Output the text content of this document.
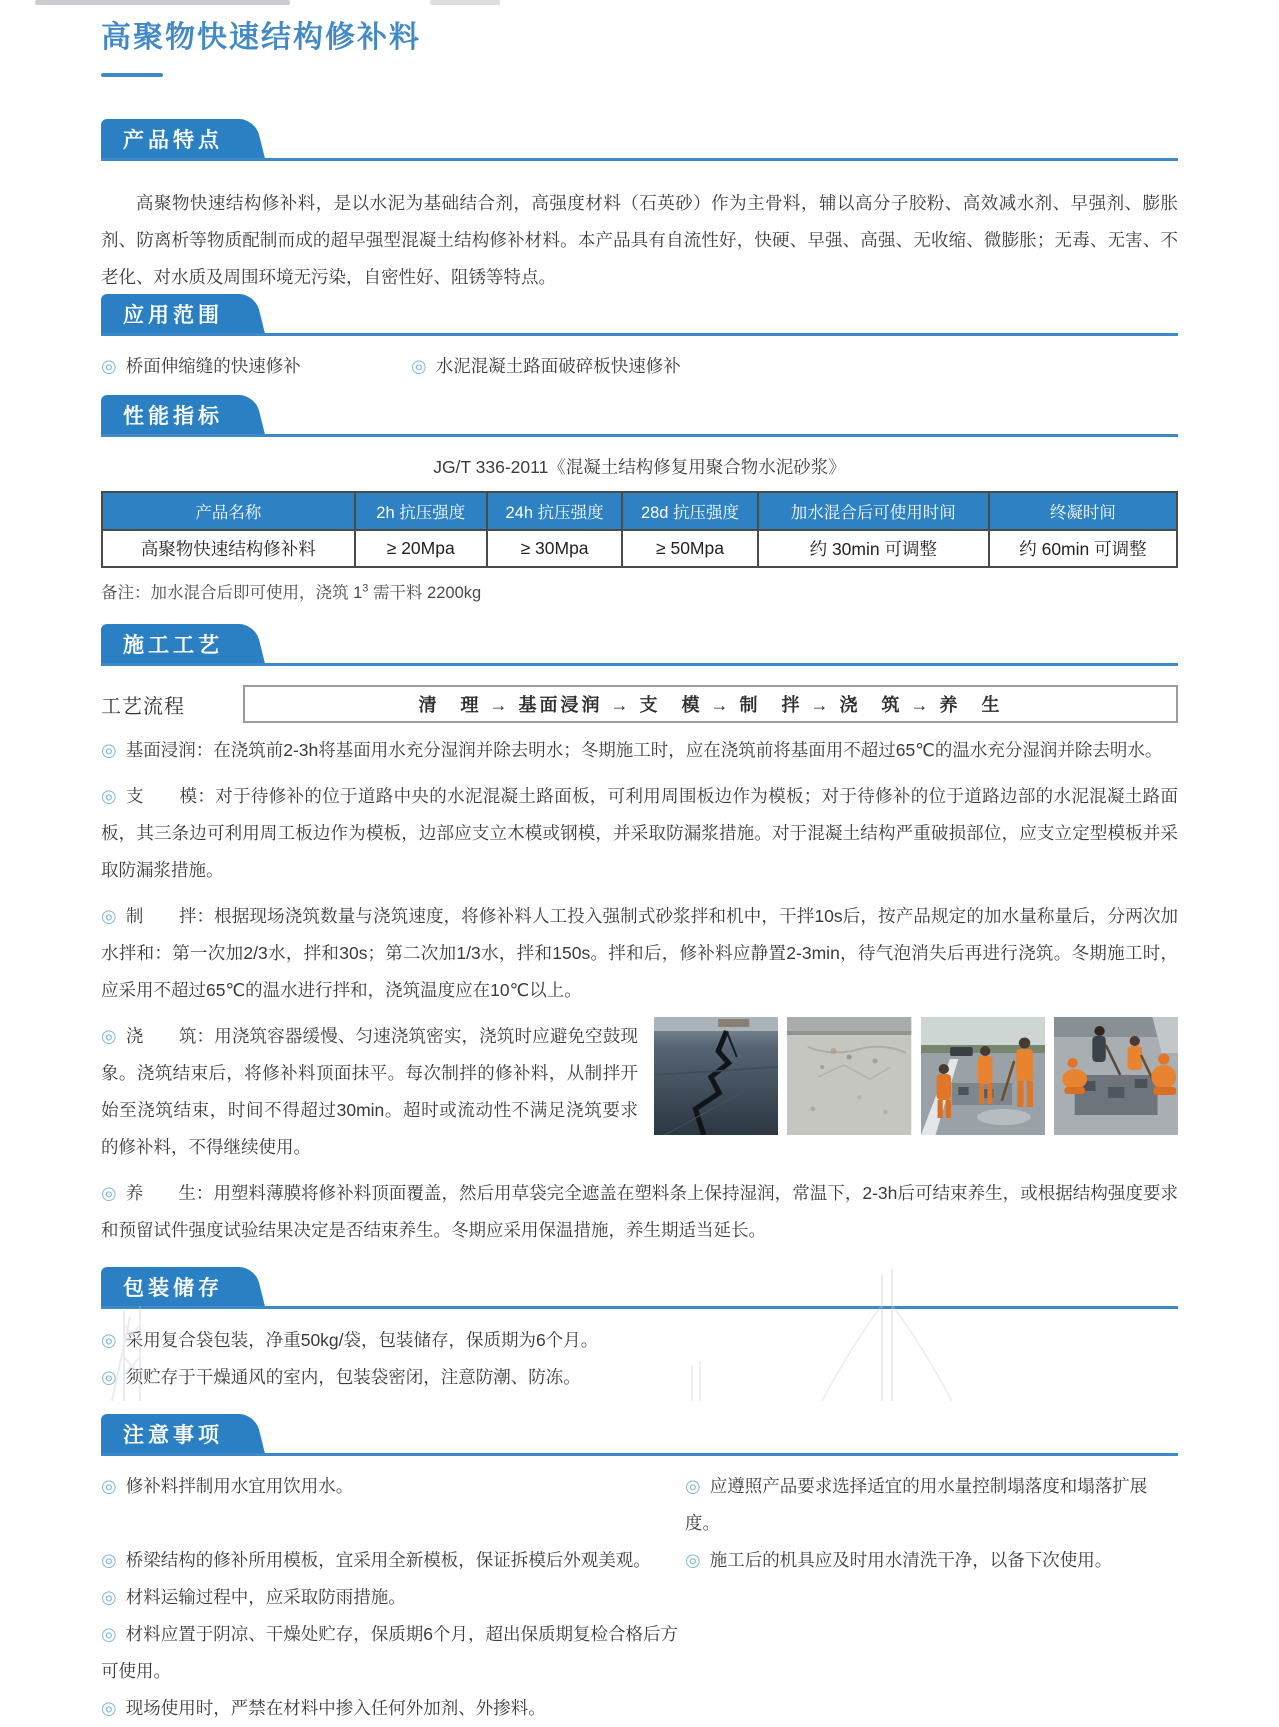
高聚物快速结构修补料
产品特点

高聚物快速结构修补料，是以水泥为基础结合剂，高强度材料（石英砂）作为主骨料，辅以高分子胶粉、高效减水剂、早强剂、膨胀剂、防离析等物质配制而成的超早强型混凝土结构修补材料。本产品具有自流性好，快硬、早强、高强、无收缩、微膨胀；无毒、无害、不老化、对水质及周围环境无污染，自密性好、阻锈等特点。

应用范围
◎ 桥面伸缩缝的快速修补	◎ 水泥混凝土路面破碎板快速修补
性能指标
JG/T 336-2011《混凝土结构修复用聚合物水泥砂浆》
产品名称	2h 抗压强度	24h 抗压强度	28d 抗压强度	加水混合后可使用时间	终凝时间
高聚物快速结构修补料	≥ 20Mpa	≥ 30Mpa	≥ 50Mpa	约 30min 可调整	约 60min 可调整
备注：加水混合后即可使用，浇筑 $1^3$ 需干料 2200kg
施工工艺
工艺流程	清　理 → 基面浸润 → 支　模 → 制　拌 → 浇　筑 → 养　生

◎ 基面浸润：在浇筑前2-3h将基面用水充分湿润并除去明水；冬期施工时，应在浇筑前将基面用不超过65℃的温水充分湿润并除去明水。

◎ 支　　模：对于待修补的位于道路中央的水泥混凝土路面板，可利用周围板边作为模板；对于待修补的位于道路边部的水泥混凝土路面板，其三条边可利用周工板边作为模板，边部应支立木模或钢模，并采取防漏浆措施。对于混凝土结构严重破损部位，应支立定型模板并采取防漏浆措施。

◎ 制　　拌：根据现场浇筑数量与浇筑速度，将修补料人工投入强制式砂浆拌和机中，干拌10s后，按产品规定的加水量称量后，分两次加水拌和：第一次加2/3水，拌和30s；第二次加1/3水，拌和150s。拌和后，修补料应静置2-3min，待气泡消失后再进行浇筑。冬期施工时，应采用不超过65℃的温水进行拌和，浇筑温度应在10℃以上。

◎ 浇　　筑：用浇筑容器缓慢、匀速浇筑密实，浇筑时应避免空鼓现象。浇筑结束后，将修补料顶面抹平。每次制拌的修补料，从制拌开始至浇筑结束，时间不得超过30min。超时或流动性不满足浇筑要求的修补料，不得继续使用。

◎ 养　　生：用塑料薄膜将修补料顶面覆盖，然后用草袋完全遮盖在塑料条上保持湿润，常温下，2-3h后可结束养生，或根据结构强度要求和预留试件强度试验结果决定是否结束养生。冬期应采用保温措施，养生期适当延长。

包装储存
◎ 采用复合袋包装，净重50kg/袋，包装储存，保质期为6个月。
◎ 须贮存于干燥通风的室内，包装袋密闭，注意防潮、防冻。
注意事项
◎ 修补料拌制用水宜用饮用水。	◎ 应遵照产品要求选择适宜的用水量控制塌落度和塌落扩展度。
◎ 桥梁结构的修补所用模板，宜采用全新模板，保证拆模后外观美观。	◎ 施工后的机具应及时用水清洗干净，以备下次使用。
◎ 材料运输过程中，应采取防雨措施。
◎ 材料应置于阴凉、干燥处贮存，保质期6个月，超出保质期复检合格后方可使用。
◎ 现场使用时，严禁在材料中掺入任何外加剂、外掺料。
